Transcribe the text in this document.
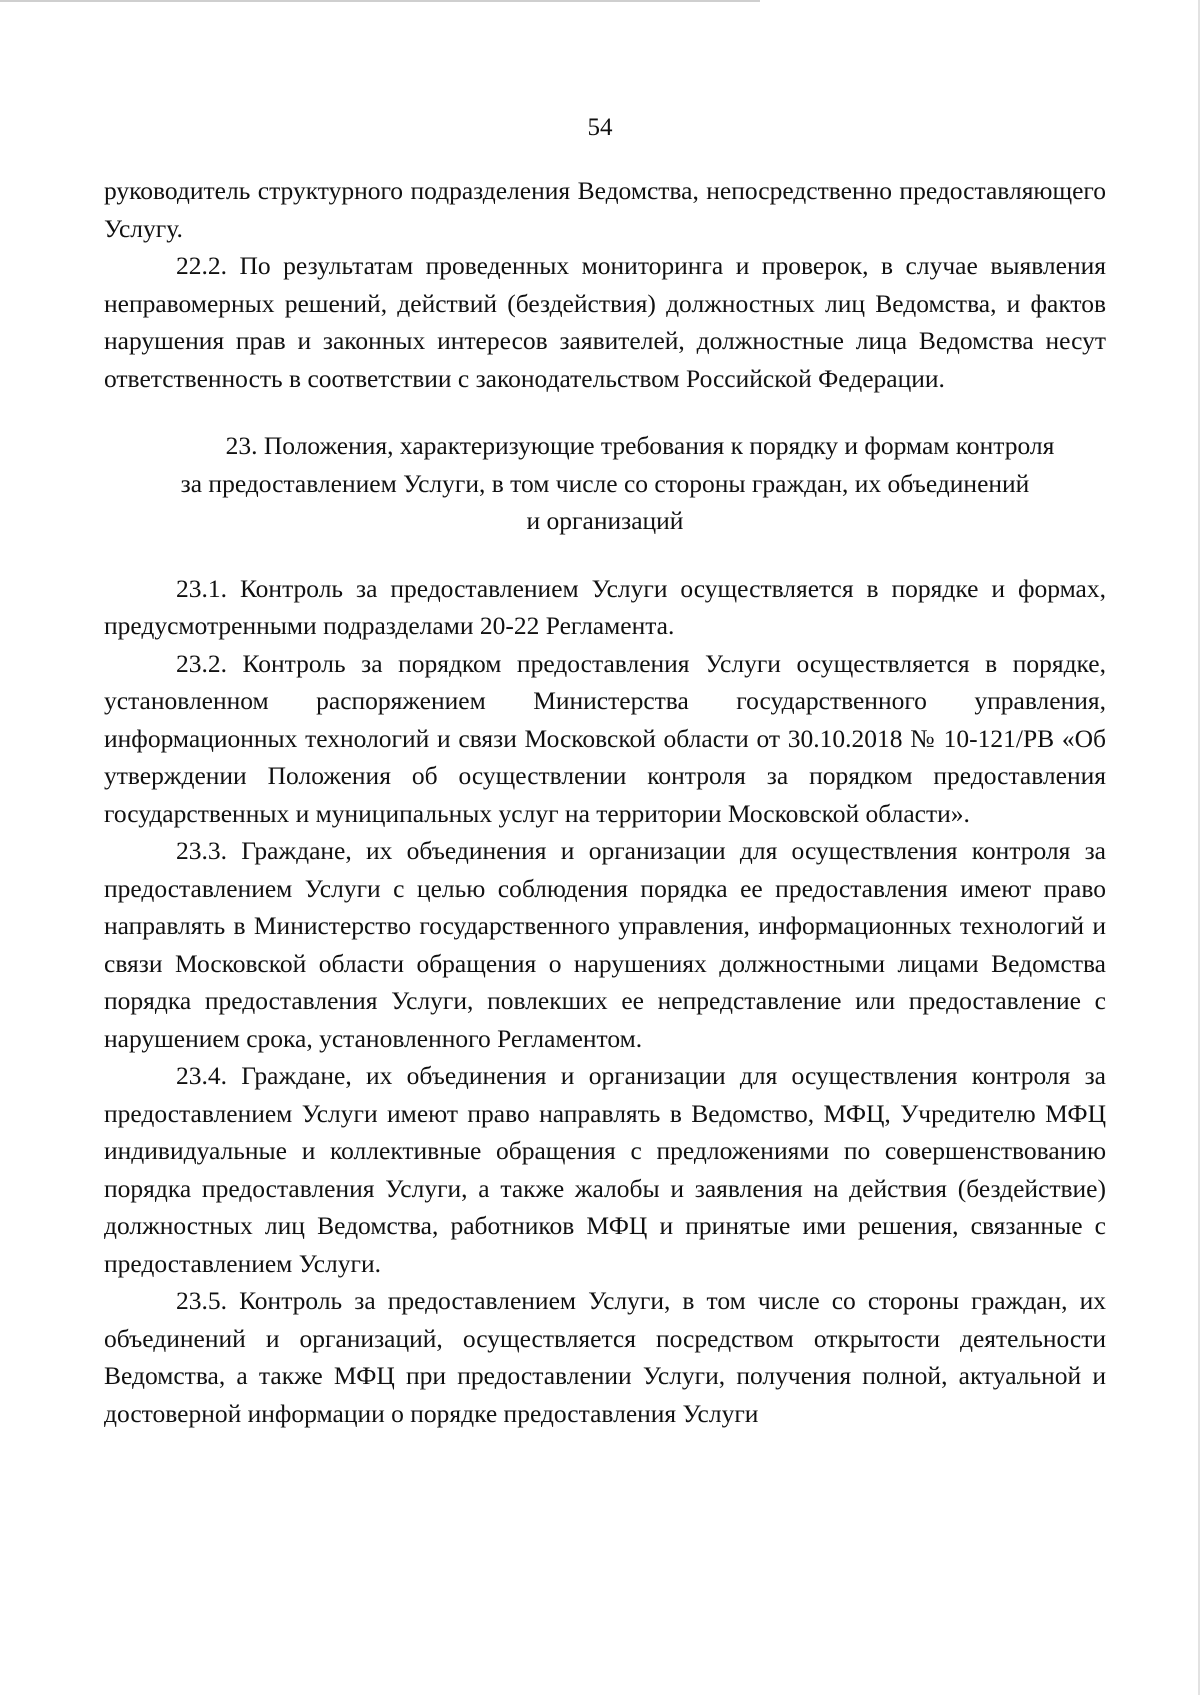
54

руководитель структурного подразделения Ведомства, непосредственно предоставляющего Услугу.

22.2. По результатам проведенных мониторинга и проверок, в случае выявления неправомерных решений, действий (бездействия) должностных лиц Ведомства, и фактов нарушения прав и законных интересов заявителей, должностные лица Ведомства несут ответственность в соответствии с законодательством Российской Федерации.

23. Положения, характеризующие требования к порядку и формам контроля
за предоставлением Услуги, в том числе со стороны граждан, их объединений
и организаций

23.1. Контроль за предоставлением Услуги осуществляется в порядке и формах, предусмотренными подразделами 20-22 Регламента.

23.2. Контроль за порядком предоставления Услуги осуществляется в порядке, установленном распоряжением Министерства государственного управления, информационных технологий и связи Московской области от 30.10.2018 № 10-121/РВ «Об утверждении Положения об осуществлении контроля за порядком предоставления государственных и муниципальных услуг на территории Московской области».

23.3. Граждане, их объединения и организации для осуществления контроля за предоставлением Услуги с целью соблюдения порядка ее предоставления имеют право направлять в Министерство государственного управления, информационных технологий и связи Московской области обращения о нарушениях должностными лицами Ведомства порядка предоставления Услуги, повлекших ее непредставление или предоставление с нарушением срока, установленного Регламентом.

23.4. Граждане, их объединения и организации для осуществления контроля за предоставлением Услуги имеют право направлять в Ведомство, МФЦ, Учредителю МФЦ индивидуальные и коллективные обращения с предложениями по совершенствованию порядка предоставления Услуги, а также жалобы и заявления на действия (бездействие) должностных лиц Ведомства, работников МФЦ и принятые ими решения, связанные с предоставлением Услуги.

23.5. Контроль за предоставлением Услуги, в том числе со стороны граждан, их объединений и организаций, осуществляется посредством открытости деятельности Ведомства, а также МФЦ при предоставлении Услуги, получения полной, актуальной и достоверной информации о порядке предоставления Услуги
